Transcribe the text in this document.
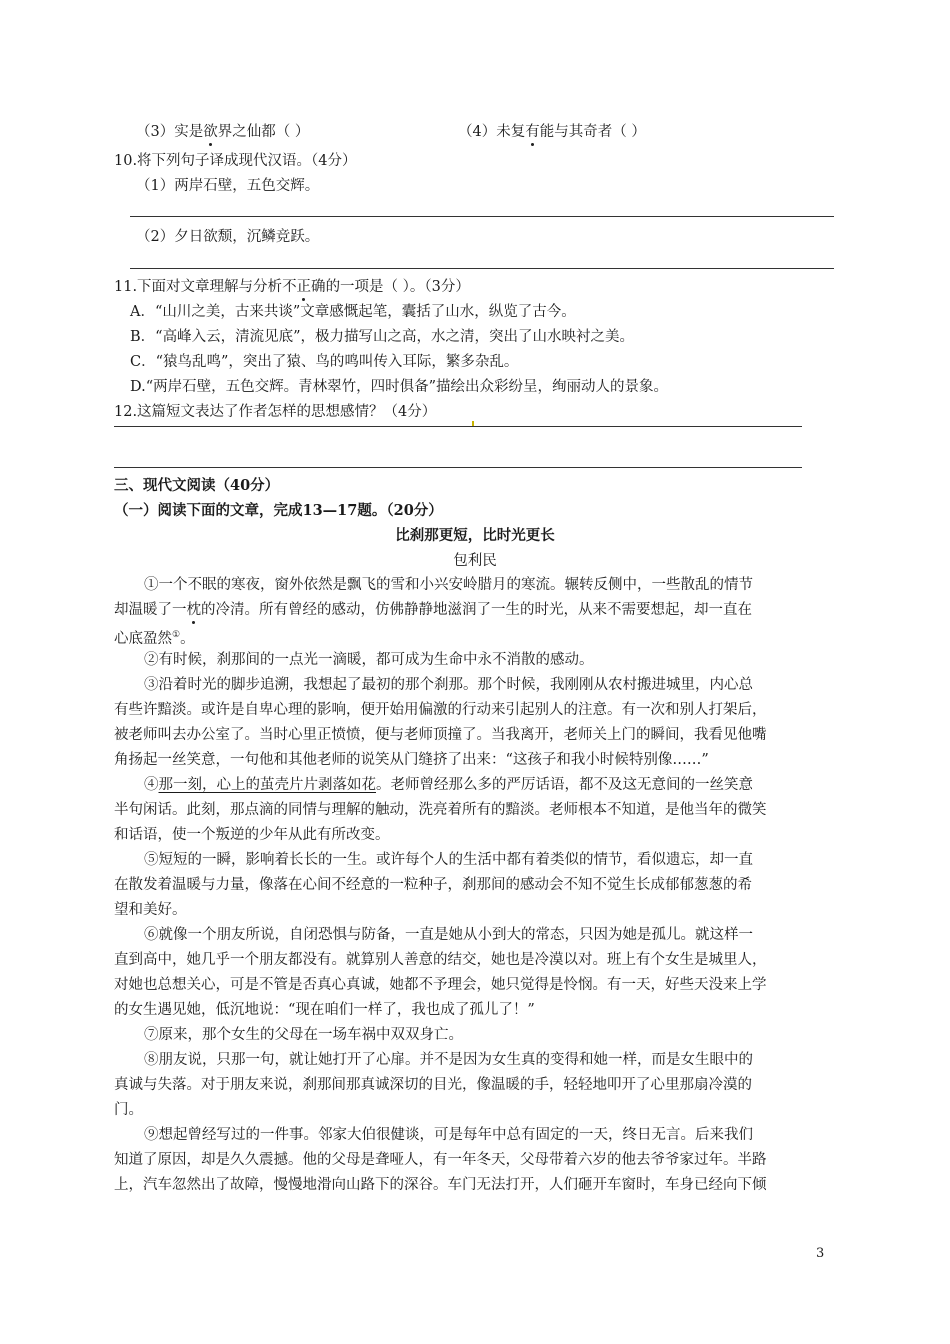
（3）实是欲界之仙都（ ）	（4）未复有能与其奇者（ ）
10.将下列句子译成现代汉语。（4分）
（1）两岸石壁，五色交辉。
（2）夕日欲颓，沉鳞竞跃。
11.下面对文章理解与分析不正确的一项是（ ）。（3分）
A．“山川之美，古来共谈”文章感慨起笔，囊括了山水，纵览了古今。
B．“高峰入云，清流见底”，极力描写山之高，水之清，突出了山水映衬之美。
C．“猿鸟乱鸣”，突出了猿、鸟的鸣叫传入耳际，繁多杂乱。
D.“两岸石壁，五色交辉。青林翠竹，四时俱备”描绘出众彩纷呈，绚丽动人的景象。
12.这篇短文表达了作者怎样的思想感情？（4分）
三、现代文阅读（40分）
（一）阅读下面的文章，完成13—17题。（20分）
比刹那更短，比时光更长
包利民
①一个不眠的寒夜，窗外依然是飘飞的雪和小兴安岭腊月的寒流。辗转反侧中，一些散乱的情节
却温暖了一枕的冷清。所有曾经的感动，仿佛静静地滋润了一生的时光，从来不需要想起，却一直在
心底盈然①。
②有时候，刹那间的一点光一滴暖，都可成为生命中永不消散的感动。
③沿着时光的脚步追溯，我想起了最初的那个刹那。那个时候，我刚刚从农村搬进城里，内心总
有些许黯淡。或许是自卑心理的影响，便开始用偏激的行动来引起别人的注意。有一次和别人打架后，
被老师叫去办公室了。当时心里正愤愤，便与老师顶撞了。当我离开，老师关上门的瞬间，我看见他嘴
角扬起一丝笑意，一句他和其他老师的说笑从门缝挤了出来：“这孩子和我小时候特别像……”
④那一刻，心上的茧壳片片剥落如花。老师曾经那么多的严厉话语，都不及这无意间的一丝笑意
半句闲话。此刻，那点滴的同情与理解的触动，洗亮着所有的黯淡。老师根本不知道，是他当年的微笑
和话语，使一个叛逆的少年从此有所改变。
⑤短短的一瞬，影响着长长的一生。或许每个人的生活中都有着类似的情节，看似遗忘，却一直
在散发着温暖与力量，像落在心间不经意的一粒种子，刹那间的感动会不知不觉生长成郁郁葱葱的希
望和美好。
⑥就像一个朋友所说，自闭恐惧与防备，一直是她从小到大的常态，只因为她是孤儿。就这样一
直到高中，她几乎一个朋友都没有。就算别人善意的结交，她也是冷漠以对。班上有个女生是城里人，
对她也总想关心，可是不管是否真心真诚，她都不予理会，她只觉得是怜悯。有一天，好些天没来上学
的女生遇见她，低沉地说：“现在咱们一样了，我也成了孤儿了！”
⑦原来，那个女生的父母在一场车祸中双双身亡。
⑧朋友说，只那一句，就让她打开了心扉。并不是因为女生真的变得和她一样，而是女生眼中的
真诚与失落。对于朋友来说，刹那间那真诚深切的目光，像温暖的手，轻轻地叩开了心里那扇冷漠的
门。
⑨想起曾经写过的一件事。邻家大伯很健谈，可是每年中总有固定的一天，终日无言。后来我们
知道了原因，却是久久震撼。他的父母是聋哑人，有一年冬天，父母带着六岁的他去爷爷家过年。半路
上，汽车忽然出了故障，慢慢地滑向山路下的深谷。车门无法打开，人们砸开车窗时，车身已经向下倾
3
